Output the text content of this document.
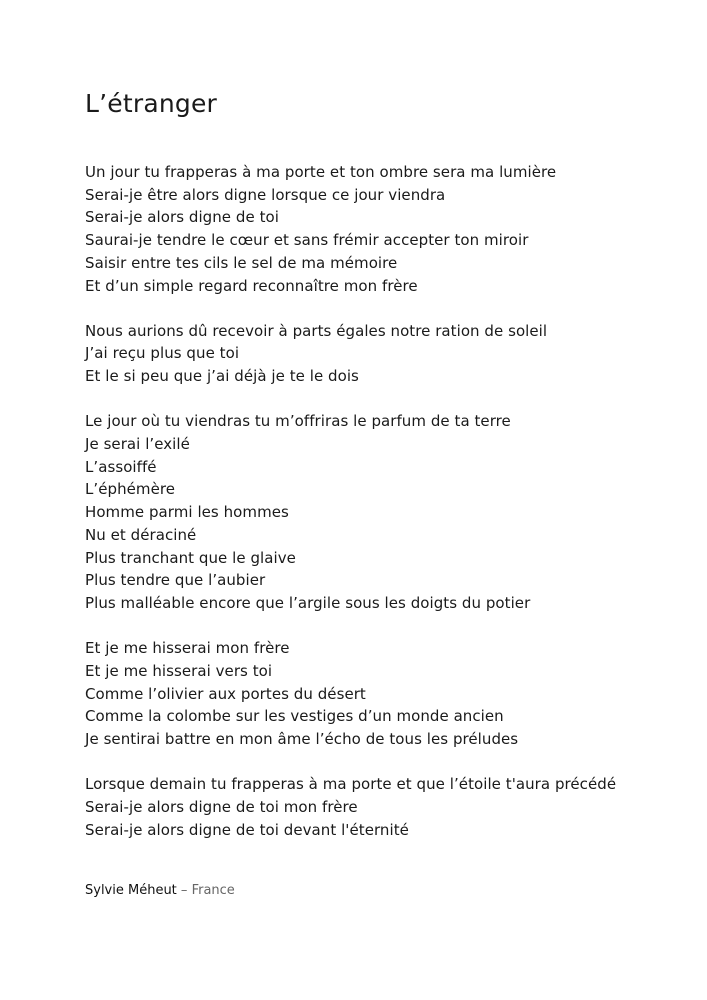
L’étranger
Un jour tu frapperas à ma porte et ton ombre sera ma lumière
Serai-je être alors digne lorsque ce jour viendra
Serai-je alors digne de toi
Saurai-je tendre le cœur et sans frémir accepter ton miroir
Saisir entre tes cils le sel de ma mémoire
Et d’un simple regard reconnaître mon frère
Nous aurions dû recevoir à parts égales notre ration de soleil
J’ai reçu plus que toi
Et le si peu que j’ai déjà je te le dois
Le jour où tu viendras tu m’offriras le parfum de ta terre
Je serai l’exilé
L’assoiffé
L’éphémère
Homme parmi les hommes
Nu et déraciné
Plus tranchant que le glaive
Plus tendre que l’aubier
Plus malléable encore que l’argile sous les doigts du potier
Et je me hisserai mon frère
Et je me hisserai vers toi
Comme l’olivier aux portes du désert
Comme la colombe sur les vestiges d’un monde ancien
Je sentirai battre en mon âme l’écho de tous les préludes
Lorsque demain tu frapperas à ma porte et que l’étoile t'aura précédé
Serai-je alors digne de toi mon frère
Serai-je alors digne de toi devant l'éternité
Sylvie Méheut – France
